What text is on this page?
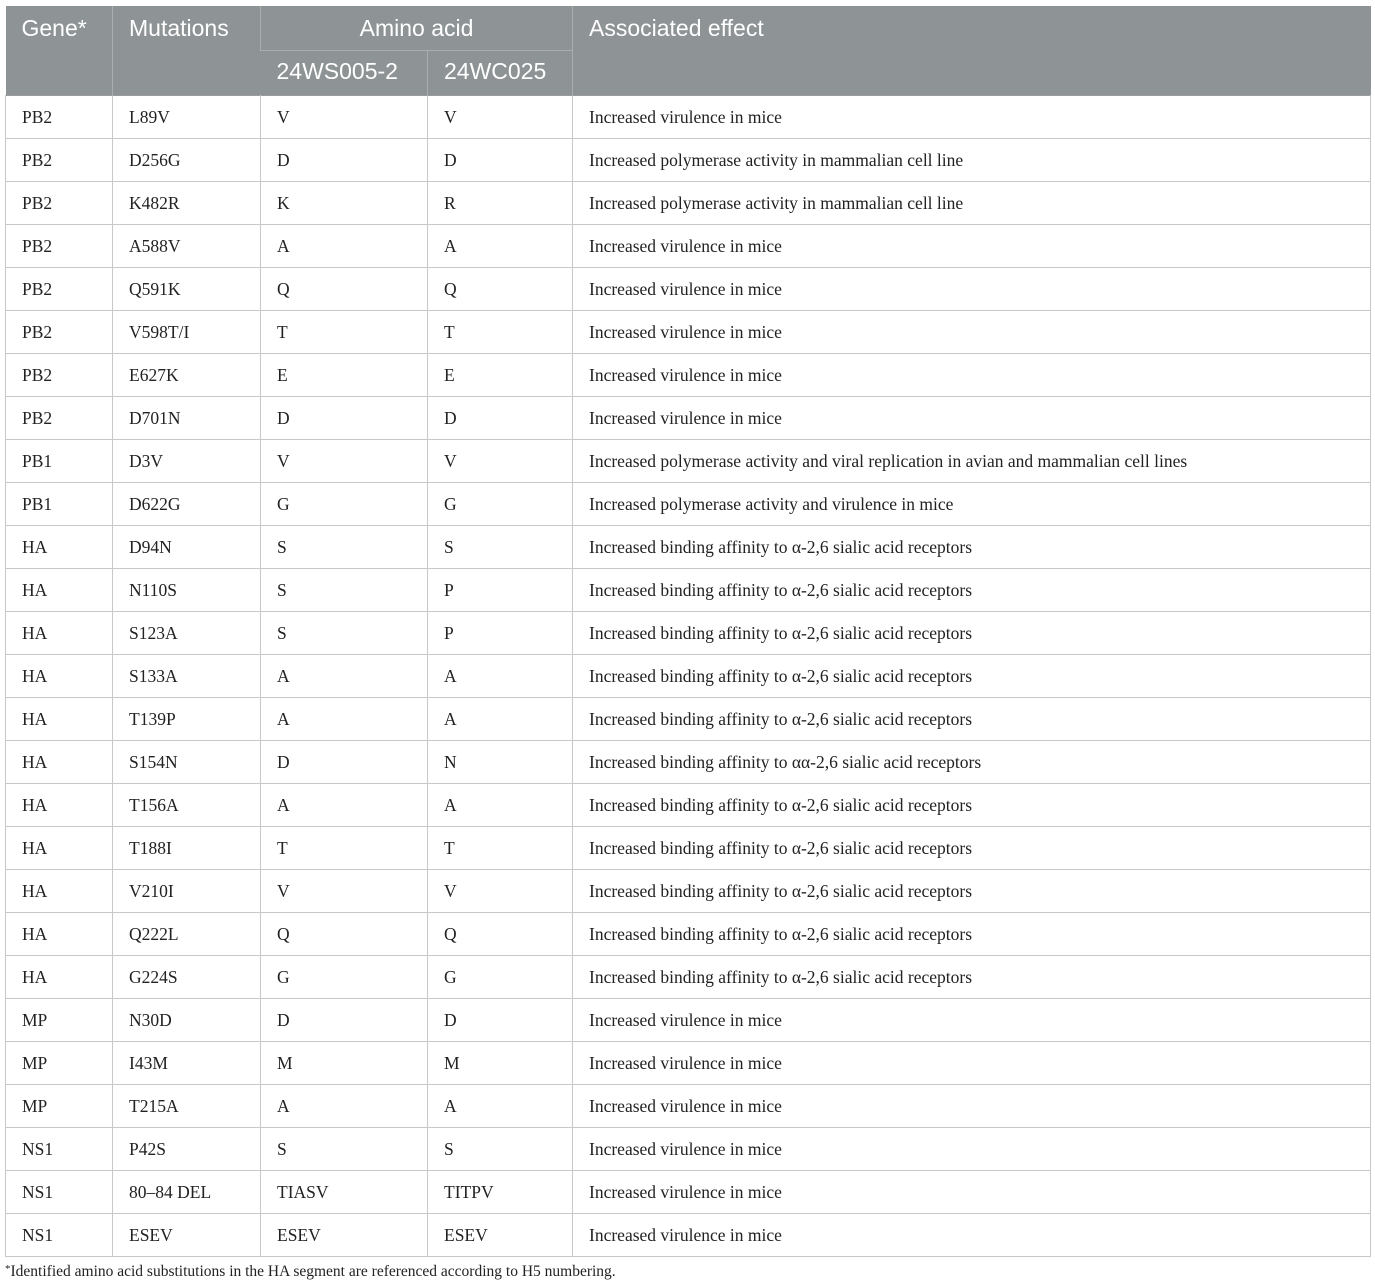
Gene*	Mutations	Amino acid		Associated effect
		24WS005-2	24WC025	
PB2	L89V	V	V	Increased virulence in mice
PB2	D256G	D	D	Increased polymerase activity in mammalian cell line
PB2	K482R	K	R	Increased polymerase activity in mammalian cell line
PB2	A588V	A	A	Increased virulence in mice
PB2	Q591K	Q	Q	Increased virulence in mice
PB2	V598T/I	T	T	Increased virulence in mice
PB2	E627K	E	E	Increased virulence in mice
PB2	D701N	D	D	Increased virulence in mice
PB1	D3V	V	V	Increased polymerase activity and viral replication in avian and mammalian cell lines
PB1	D622G	G	G	Increased polymerase activity and virulence in mice
HA	D94N	S	S	Increased binding affinity to α-2,6 sialic acid receptors
HA	N110S	S	P	Increased binding affinity to α-2,6 sialic acid receptors
HA	S123A	S	P	Increased binding affinity to α-2,6 sialic acid receptors
HA	S133A	A	A	Increased binding affinity to α-2,6 sialic acid receptors
HA	T139P	A	A	Increased binding affinity to α-2,6 sialic acid receptors
HA	S154N	D	N	Increased binding affinity to αα-2,6 sialic acid receptors
HA	T156A	A	A	Increased binding affinity to α-2,6 sialic acid receptors
HA	T188I	T	T	Increased binding affinity to α-2,6 sialic acid receptors
HA	V210I	V	V	Increased binding affinity to α-2,6 sialic acid receptors
HA	Q222L	Q	Q	Increased binding affinity to α-2,6 sialic acid receptors
HA	G224S	G	G	Increased binding affinity to α-2,6 sialic acid receptors
MP	N30D	D	D	Increased virulence in mice
MP	I43M	M	M	Increased virulence in mice
MP	T215A	A	A	Increased virulence in mice
NS1	P42S	S	S	Increased virulence in mice
NS1	80–84 DEL	TIASV	TITPV	Increased virulence in mice
NS1	ESEV	ESEV	ESEV	Increased virulence in mice
*Identified amino acid substitutions in the HA segment are referenced according to H5 numbering.
